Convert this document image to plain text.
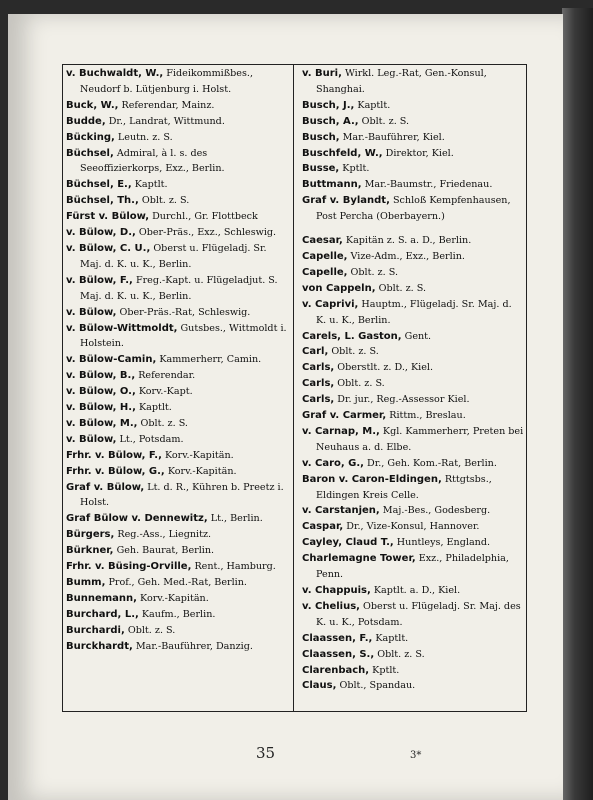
v. Buchwaldt, W., Fideikommißbes., Neudorf b. Lütjenburg i. Holst.

Buck, W., Referendar, Mainz.

Budde, Dr., Landrat, Wittmund.

Bücking, Leutn. z. S.

Büchsel, Admiral, à l. s. des Seeoffizierkorps, Exz., Berlin.

Büchsel, E., Kaptlt.

Büchsel, Th., Oblt. z. S.

Fürst v. Bülow, Durchl., Gr. Flottbeck

v. Bülow, D., Ober-Präs., Exz., Schleswig.

v. Bülow, C. U., Oberst u. Flügeladj. Sr. Maj. d. K. u. K., Berlin.

v. Bülow, F., Freg.-Kapt. u. Flügeladjut. S. Maj. d. K. u. K., Berlin.

v. Bülow, Ober-Präs.-Rat, Schleswig.

v. Bülow-Wittmoldt, Gutsbes., Wittmoldt i. Holstein.

v. Bülow-Camin, Kammerherr, Camin.

v. Bülow, B., Referendar.

v. Bülow, O., Korv.-Kapt.

v. Bülow, H., Kaptlt.

v. Bülow, M., Oblt. z. S.

v. Bülow, Lt., Potsdam.

Frhr. v. Bülow, F., Korv.-Kapitän.

Frhr. v. Bülow, G., Korv.-Kapitän.

Graf v. Bülow, Lt. d. R., Kühren b. Preetz i. Holst.

Graf Bülow v. Dennewitz, Lt., Berlin.

Bürgers, Reg.-Ass., Liegnitz.

Bürkner, Geh. Baurat, Berlin.

Frhr. v. Büsing-Orville, Rent., Hamburg.

Bumm, Prof., Geh. Med.-Rat, Berlin.

Bunnemann, Korv.-Kapitän.

Burchard, L., Kaufm., Berlin.

Burchardi, Oblt. z. S.

Burckhardt, Mar.-Bauführer, Danzig.

v. Buri, Wirkl. Leg.-Rat, Gen.-Konsul, Shanghai.

Busch, J., Kaptlt.

Busch, A., Oblt. z. S.

Busch, Mar.-Bauführer, Kiel.

Buschfeld, W., Direktor, Kiel.

Busse, Kptlt.

Buttmann, Mar.-Baumstr., Friedenau.

Graf v. Bylandt, Schloß Kempfenhausen, Post Percha (Oberbayern.)

Caesar, Kapitän z. S. a. D., Berlin.

Capelle, Vize-Adm., Exz., Berlin.

Capelle, Oblt. z. S.

von Cappeln, Oblt. z. S.

v. Caprivi, Hauptm., Flügeladj. Sr. Maj. d. K. u. K., Berlin.

Carels, L. Gaston, Gent.

Carl, Oblt. z. S.

Carls, Oberstlt. z. D., Kiel.

Carls, Oblt. z. S.

Carls, Dr. jur., Reg.-Assessor Kiel.

Graf v. Carmer, Rittm., Breslau.

v. Carnap, M., Kgl. Kammerherr, Preten bei Neuhaus a. d. Elbe.

v. Caro, G., Dr., Geh. Kom.-Rat, Berlin.

Baron v. Caron-Eldingen, Rttgtsbs., Eldingen Kreis Celle.

v. Carstanjen, Maj.-Bes., Godesberg.

Caspar, Dr., Vize-Konsul, Hannover.

Cayley, Claud T., Huntleys, England.

Charlemagne Tower, Exz., Philadelphia, Penn.

v. Chappuis, Kaptlt. a. D., Kiel.

v. Chelius, Oberst u. Flügeladj. Sr. Maj. des K. u. K., Potsdam.

Claassen, F., Kaptlt.

Claassen, S., Oblt. z. S.

Clarenbach, Kptlt.

Claus, Oblt., Spandau.

35	3*
